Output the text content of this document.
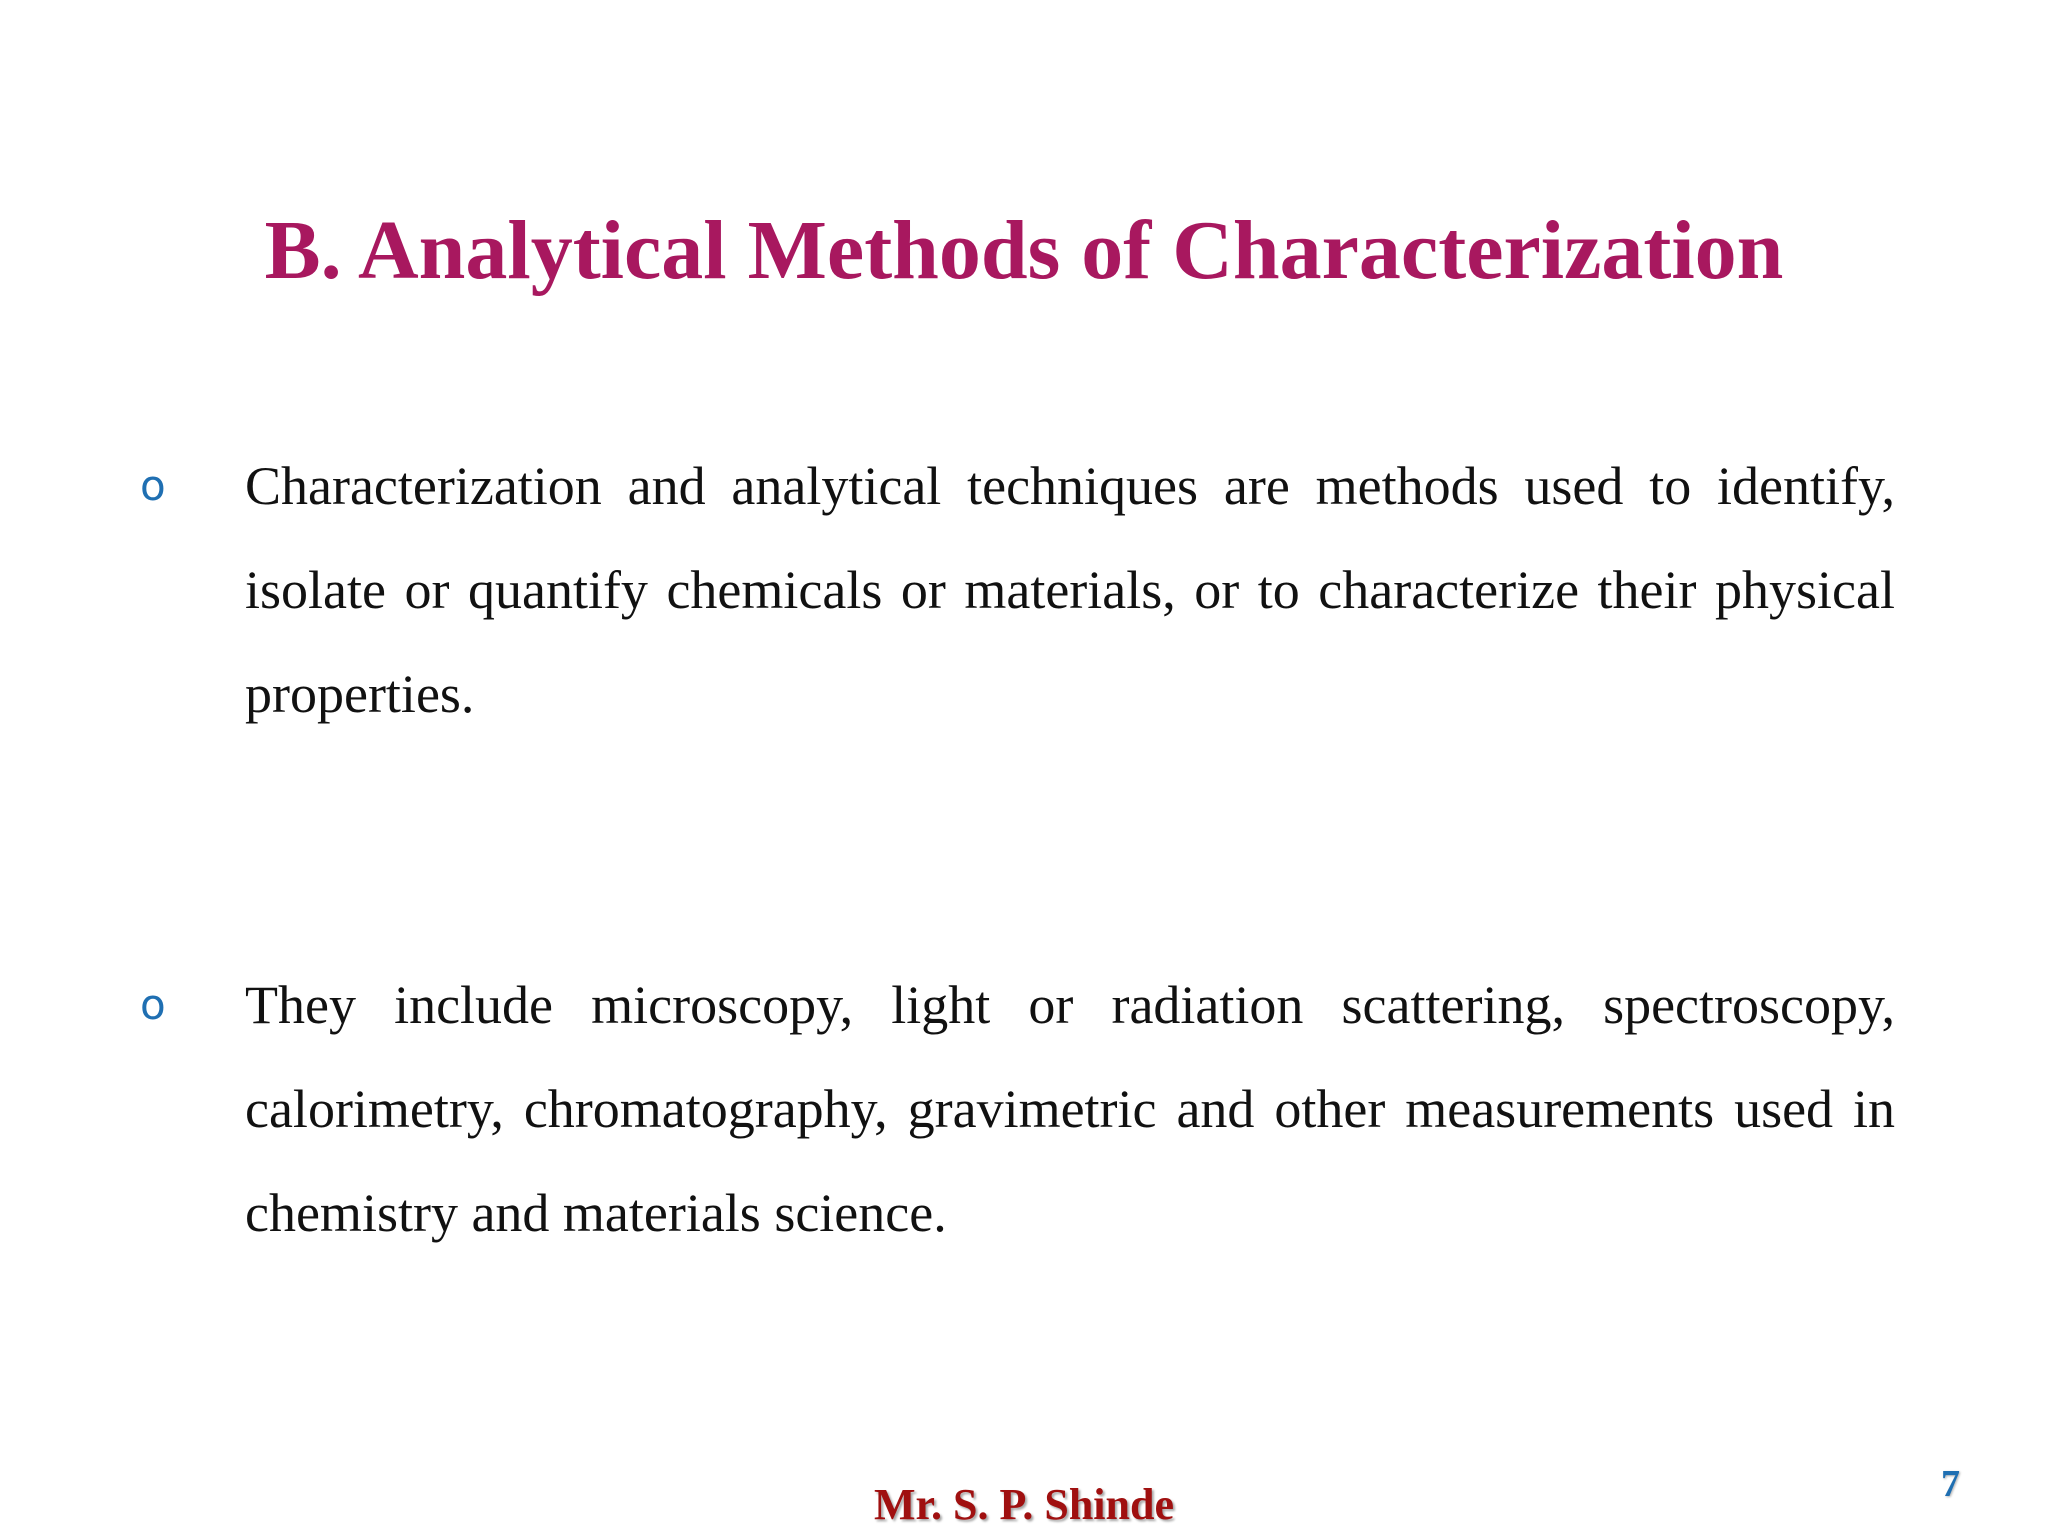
B. Analytical Methods of Characterization
o Characterization and analytical techniques are methods used to identify, isolate or quantify chemicals or materials, or to characterize their physical properties.
o They include microscopy, light or radiation scattering, spectroscopy, calorimetry, chromatography, gravimetric and other measurements used in chemistry and materials science.
Mr. S. P. Shinde	7
